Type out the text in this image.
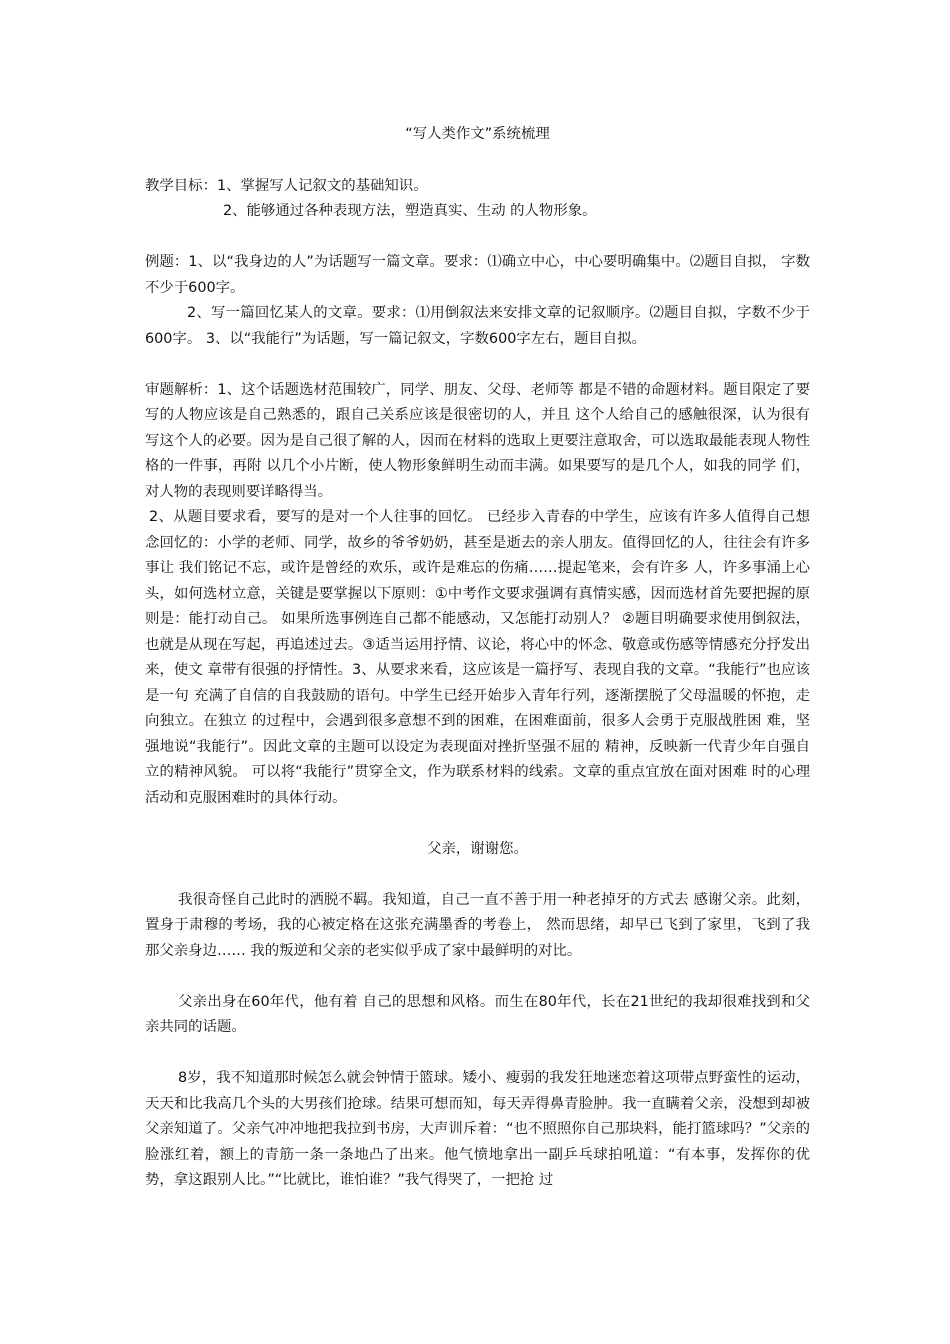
“写人类作文”系统梳理

教学目标：1、掌握写人记叙文的基础知识。

2、能够通过各种表现方法，塑造真实、生动 的人物形象。

例题：1、以“我身边的人”为话题写一篇文章。要求：⑴确立中心，中心要明确集中。⑵题目自拟， 字数不少于600字。

2、写一篇回忆某人的文章。要求：⑴用倒叙法来安排文章的记叙顺序。⑵题目自拟，字数不少于600字。 3、以“我能行”为话题，写一篇记叙文，字数600字左右，题目自拟。

审题解析：1、这个话题选材范围较广，同学、朋友、父母、老师等 都是不错的命题材料。题目限定了要写的人物应该是自己熟悉的，跟自己关系应该是很密切的人，并且 这个人给自己的感触很深，认为很有写这个人的必要。因为是自己很了解的人，因而在材料的选取上更要注意取舍，可以选取最能表现人物性格的一件事，再附 以几个小片断，使人物形象鲜明生动而丰满。如果要写的是几个人，如我的同学 们，对人物的表现则要详略得当。

2、从题目要求看，要写的是对一个人往事的回忆。 已经步入青春的中学生，应该有许多人值得自己想念回忆的：小学的老师、同学，故乡的爷爷奶奶，甚至是逝去的亲人朋友。值得回忆的人，往往会有许多事让 我们铭记不忘，或许是曾经的欢乐，或许是难忘的伤痛……提起笔来，会有许多 人，许多事涌上心头，如何选材立意，关键是要掌握以下原则：①中考作文要求强调有真情实感，因而选材首先要把握的原则是：能打动自己。 如果所选事例连自己都不能感动，又怎能打动别人？ ②题目明确要求使用倒叙法，也就是从现在写起，再追述过去。③适当运用抒情、议论，将心中的怀念、敬意或伤感等情感充分抒发出来，使文 章带有很强的抒情性。3、从要求来看，这应该是一篇抒写、表现自我的文章。“我能行”也应该是一句 充满了自信的自我鼓励的语句。中学生已经开始步入青年行列，逐渐摆脱了父母温暖的怀抱，走向独立。在独立 的过程中，会遇到很多意想不到的困难，在困难面前，很多人会勇于克服战胜困 难，坚强地说“我能行”。因此文章的主题可以设定为表现面对挫折坚强不屈的 精神，反映新一代青少年自强自立的精神风貌。 可以将“我能行”贯穿全文，作为联系材料的线索。文章的重点宜放在面对困难 时的心理活动和克服困难时的具体行动。

父亲，谢谢您。

我很奇怪自己此时的洒脱不羁。我知道，自己一直不善于用一种老掉牙的方式去 感谢父亲。此刻，置身于肃穆的考场，我的心被定格在这张充满墨香的考卷上， 然而思绪，却早已飞到了家里，飞到了我那父亲身边…… 我的叛逆和父亲的老实似乎成了家中最鲜明的对比。

父亲出身在60年代，他有着 自己的思想和风格。而生在80年代，长在21世纪的我却很难找到和父亲共同的话题。

8岁，我不知道那时候怎么就会钟情于篮球。矮小、瘦弱的我发狂地迷恋着这项带点野蛮性的运动，天天和比我高几个头的大男孩们抢球。结果可想而知，每天弄得鼻青脸肿。我一直瞒着父亲，没想到却被父亲知道了。父亲气冲冲地把我拉到书房，大声训斥着：“也不照照你自己那块料，能打篮球吗？”父亲的脸涨红着，额上的青筋一条一条地凸了出来。他气愤地拿出一副乒乓球拍吼道：“有本事，发挥你的优势，拿这跟别人比。”“比就比，谁怕谁？”我气得哭了，一把抢 过
